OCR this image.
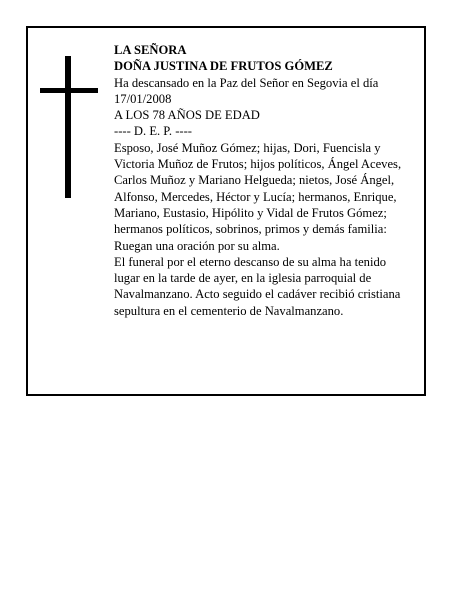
LA SEÑORA

DOÑA JUSTINA DE FRUTOS GÓMEZ

Ha descansado en la Paz del Señor en Segovia el día 17/01/2008

A LOS 78 AÑOS DE EDAD

---- D. E. P. ----

Esposo, José Muñoz Gómez; hijas, Dori, Fuencisla y Victoria Muñoz de Frutos; hijos políticos, Ángel Aceves, Carlos Muñoz y Mariano Helgueda; nietos, José Ángel, Alfonso, Mercedes, Héctor y Lucía; hermanos, Enrique, Mariano, Eustasio, Hipólito y Vidal de Frutos Gómez; hermanos políticos, sobrinos, primos y demás familia:

Ruegan una oración por su alma.

El funeral por el eterno descanso de su alma ha tenido lugar en la tarde de ayer, en la iglesia parroquial de Navalmanzano. Acto seguido el cadáver recibió cristiana sepultura en el cementerio de Navalmanzano.
